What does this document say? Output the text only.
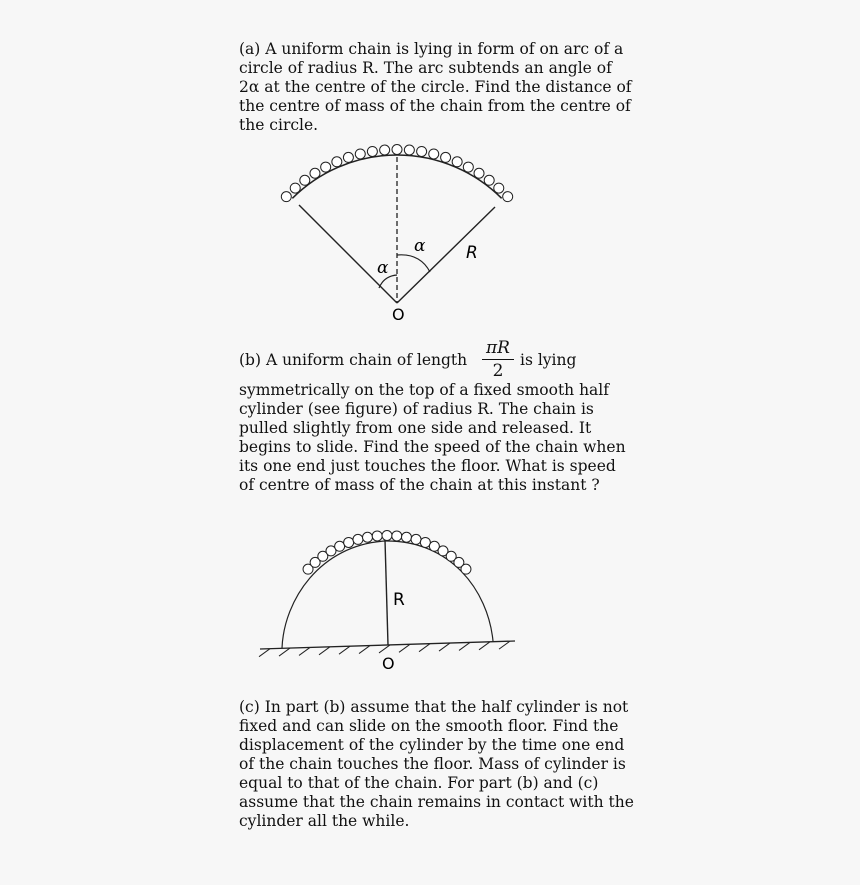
(a) A uniform chain is lying in form of on arc of a circle of radius R. The arc subtends an angle of 2α at the centre of the circle. Find the distance of the centre of mass of the chain from the centre of the circle.
α
α R
O
(b) A uniform chain of length
πR
2
is lying
symmetrically on the top of a fixed smooth half cylinder (see figure) of radius R. The chain is pulled slightly from one side and released. It begins to slide. Find the speed of the chain when its one end just touches the floor. What is speed of centre of mass of the chain at this instant ?
R
O
(c) In part (b) assume that the half cylinder is not fixed and can slide on the smooth floor. Find the displacement of the cylinder by the time one end of the chain touches the floor. Mass of cylinder is equal to that of the chain. For part (b) and (c) assume that the chain remains in contact with the cylinder all the while.
